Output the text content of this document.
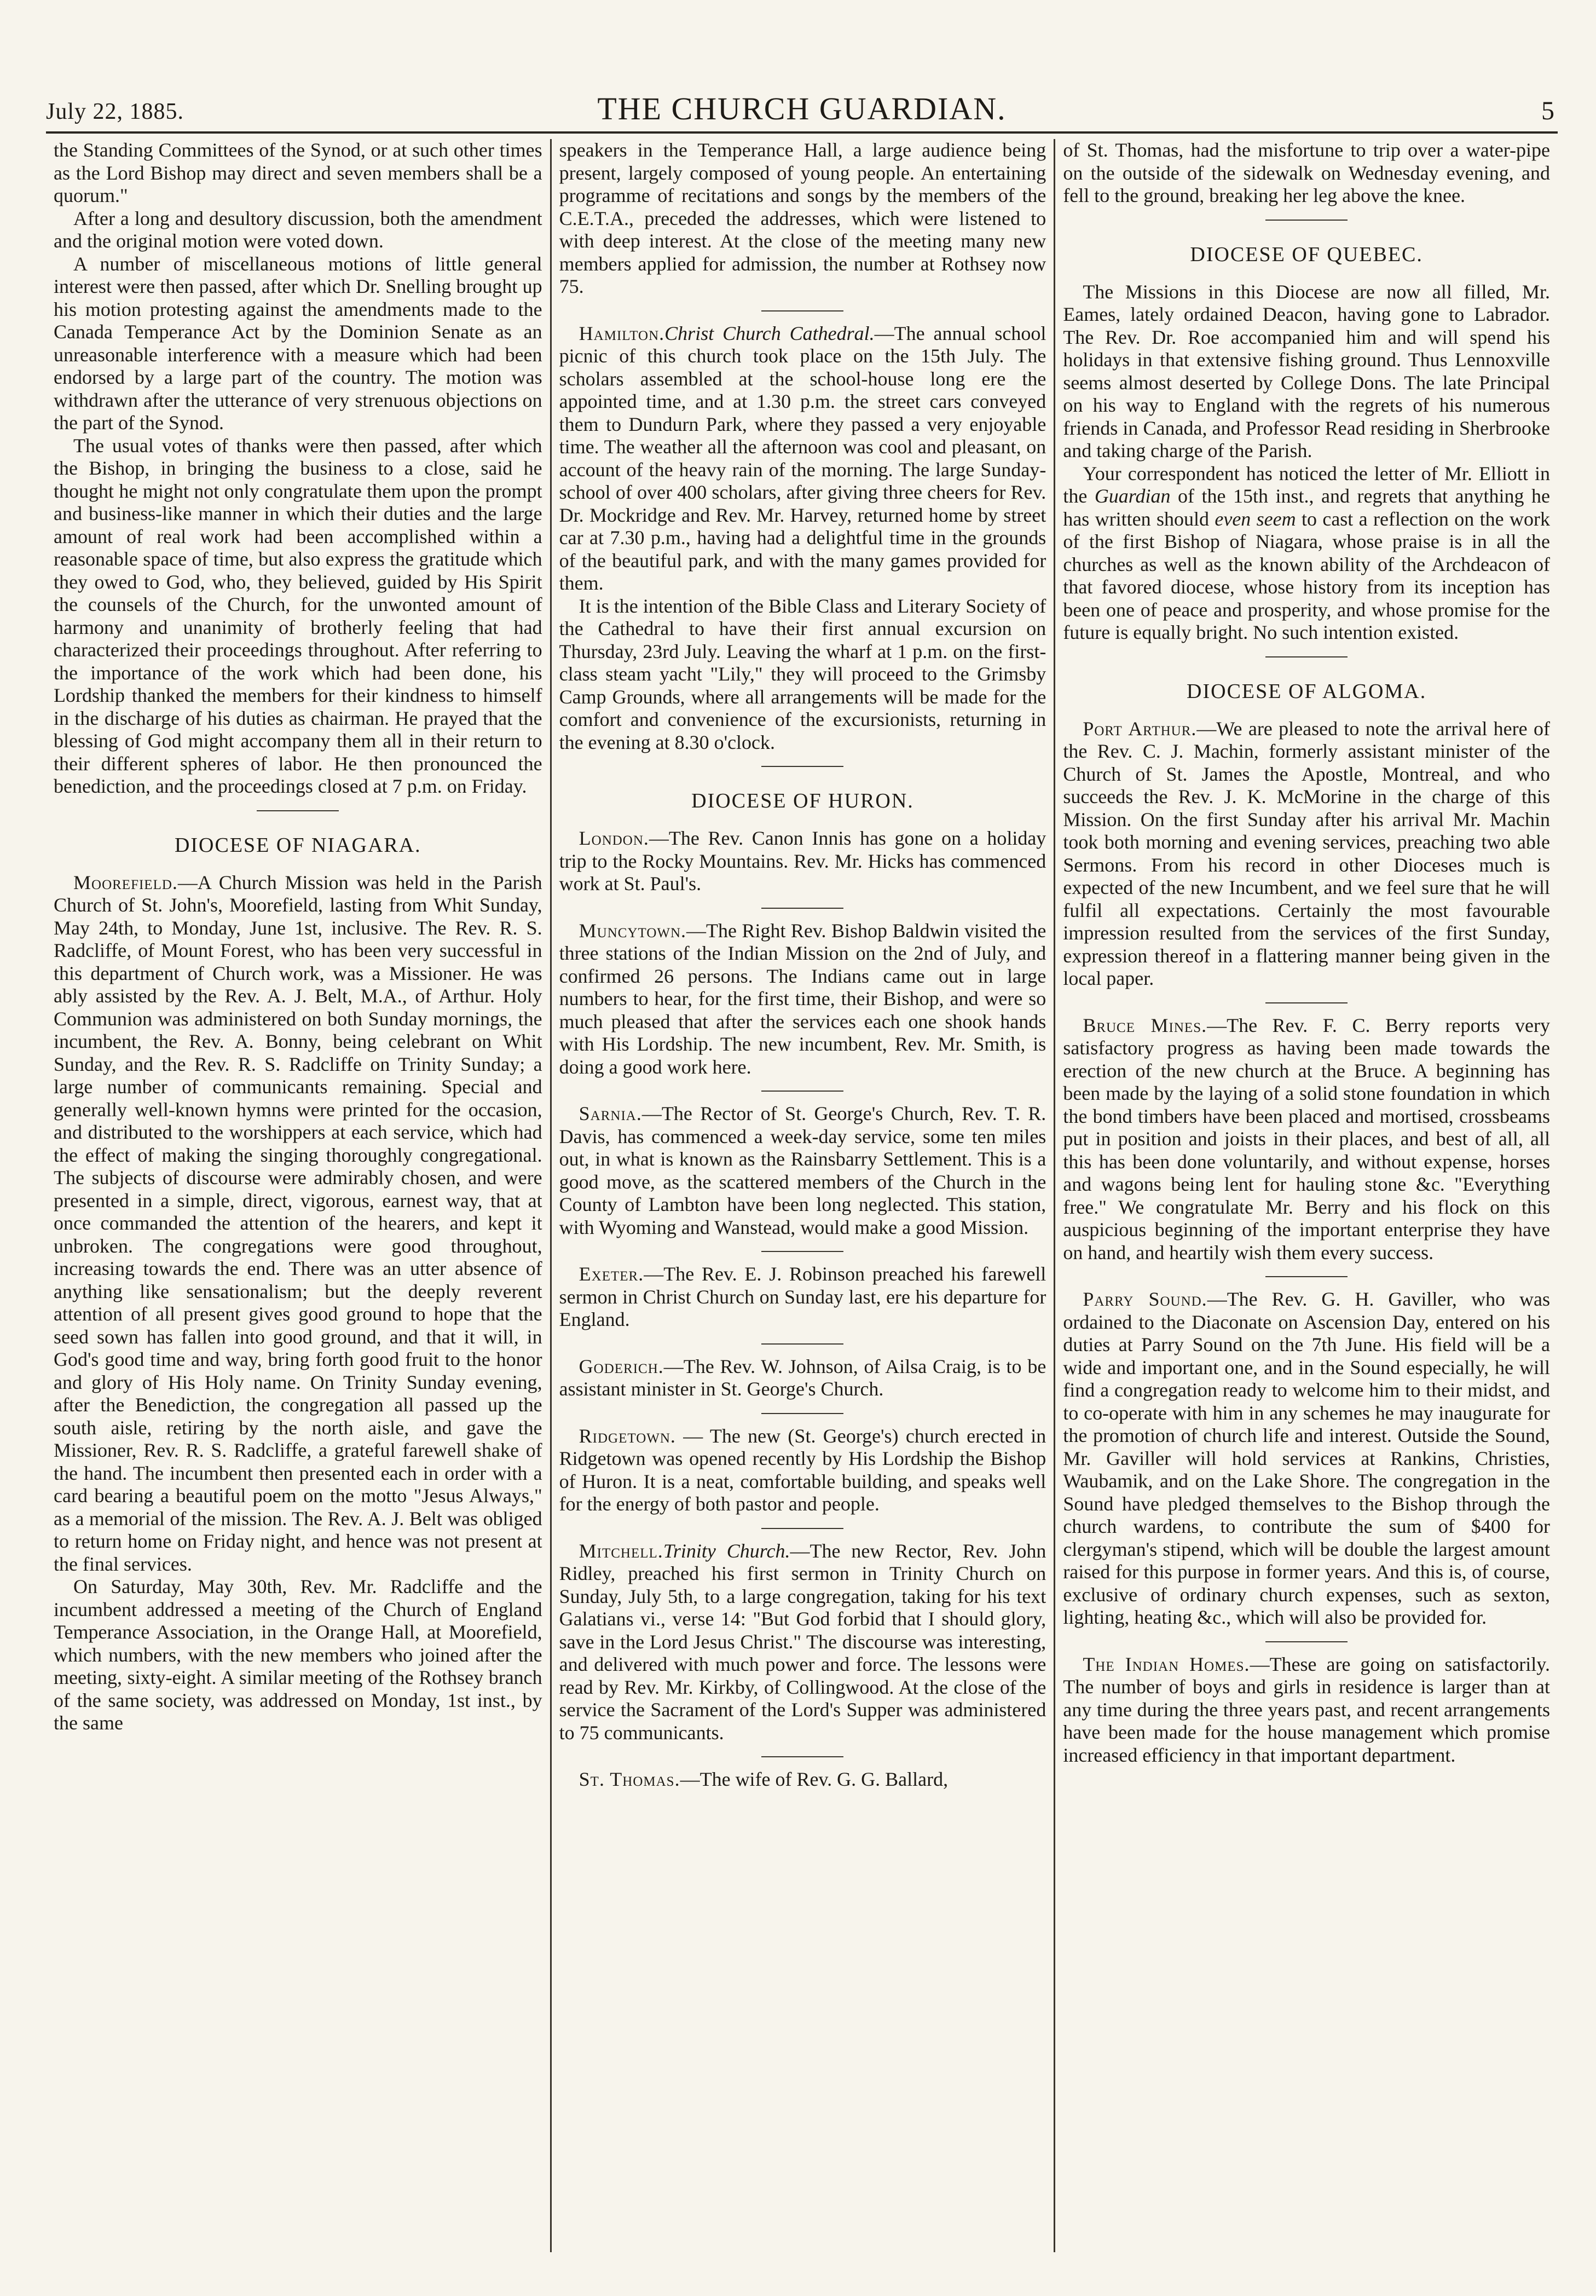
July 22, 1885.	THE CHURCH GUARDIAN.	5

the Standing Committees of the Synod, or at such other times as the Lord Bishop may direct and seven members shall be a quorum."

After a long and desultory discussion, both the amendment and the original motion were voted down.

A number of miscellaneous motions of little general interest were then passed, after which Dr. Snelling brought up his motion protesting against the amendments made to the Canada Temperance Act by the Dominion Senate as an unreasonable interference with a measure which had been endorsed by a large part of the country. The motion was withdrawn after the utterance of very strenuous objections on the part of the Synod.

The usual votes of thanks were then passed, after which the Bishop, in bringing the business to a close, said he thought he might not only congratulate them upon the prompt and business-like manner in which their duties and the large amount of real work had been accomplished within a reasonable space of time, but also express the gratitude which they owed to God, who, they believed, guided by His Spirit the counsels of the Church, for the unwonted amount of harmony and unanimity of brotherly feeling that had characterized their proceedings throughout. After referring to the importance of the work which had been done, his Lordship thanked the members for their kindness to himself in the discharge of his duties as chairman. He prayed that the blessing of God might accompany them all in their return to their different spheres of labor. He then pronounced the benediction, and the proceedings closed at 7 p.m. on Friday.

DIOCESE OF NIAGARA.

Moorefield.—A Church Mission was held in the Parish Church of St. John's, Moorefield, lasting from Whit Sunday, May 24th, to Monday, June 1st, inclusive. The Rev. R. S. Radcliffe, of Mount Forest, who has been very successful in this department of Church work, was a Missioner. He was ably assisted by the Rev. A. J. Belt, M.A., of Arthur. Holy Communion was administered on both Sunday mornings, the incumbent, the Rev. A. Bonny, being celebrant on Whit Sunday, and the Rev. R. S. Radcliffe on Trinity Sunday; a large number of communicants remaining. Special and generally well-known hymns were printed for the occasion, and distributed to the worshippers at each service, which had the effect of making the singing thoroughly congregational. The subjects of discourse were admirably chosen, and were presented in a simple, direct, vigorous, earnest way, that at once commanded the attention of the hearers, and kept it unbroken. The congregations were good throughout, increasing towards the end. There was an utter absence of anything like sensationalism; but the deeply reverent attention of all present gives good ground to hope that the seed sown has fallen into good ground, and that it will, in God's good time and way, bring forth good fruit to the honor and glory of His Holy name. On Trinity Sunday evening, after the Benediction, the congregation all passed up the south aisle, retiring by the north aisle, and gave the Missioner, Rev. R. S. Radcliffe, a grateful farewell shake of the hand. The incumbent then presented each in order with a card bearing a beautiful poem on the motto "Jesus Always," as a memorial of the mission. The Rev. A. J. Belt was obliged to return home on Friday night, and hence was not present at the final services.

On Saturday, May 30th, Rev. Mr. Radcliffe and the incumbent addressed a meeting of the Church of England Temperance Association, in the Orange Hall, at Moorefield, which numbers, with the new members who joined after the meeting, sixty-eight. A similar meeting of the Rothsey branch of the same society, was addressed on Monday, 1st inst., by the same

speakers in the Temperance Hall, a large audience being present, largely composed of young people. An entertaining programme of recitations and songs by the members of the C.E.T.A., preceded the addresses, which were listened to with deep interest. At the close of the meeting many new members applied for admission, the number at Rothsey now 75.

Hamilton.Christ Church Cathedral.—The annual school picnic of this church took place on the 15th July. The scholars assembled at the school-house long ere the appointed time, and at 1.30 p.m. the street cars conveyed them to Dundurn Park, where they passed a very enjoyable time. The weather all the afternoon was cool and pleasant, on account of the heavy rain of the morning. The large Sunday-school of over 400 scholars, after giving three cheers for Rev. Dr. Mockridge and Rev. Mr. Harvey, returned home by street car at 7.30 p.m., having had a delightful time in the grounds of the beautiful park, and with the many games provided for them.

It is the intention of the Bible Class and Literary Society of the Cathedral to have their first annual excursion on Thursday, 23rd July. Leaving the wharf at 1 p.m. on the first-class steam yacht "Lily," they will proceed to the Grimsby Camp Grounds, where all arrangements will be made for the comfort and convenience of the excursionists, returning in the evening at 8.30 o'clock.

DIOCESE OF HURON.

London.—The Rev. Canon Innis has gone on a holiday trip to the Rocky Mountains. Rev. Mr. Hicks has commenced work at St. Paul's.

Muncytown.—The Right Rev. Bishop Baldwin visited the three stations of the Indian Mission on the 2nd of July, and confirmed 26 persons. The Indians came out in large numbers to hear, for the first time, their Bishop, and were so much pleased that after the services each one shook hands with His Lordship. The new incumbent, Rev. Mr. Smith, is doing a good work here.

Sarnia.—The Rector of St. George's Church, Rev. T. R. Davis, has commenced a week-day service, some ten miles out, in what is known as the Rainsbarry Settlement. This is a good move, as the scattered members of the Church in the County of Lambton have been long neglected. This station, with Wyoming and Wanstead, would make a good Mission.

Exeter.—The Rev. E. J. Robinson preached his farewell sermon in Christ Church on Sunday last, ere his departure for England.

Goderich.—The Rev. W. Johnson, of Ailsa Craig, is to be assistant minister in St. George's Church.

Ridgetown. — The new (St. George's) church erected in Ridgetown was opened recently by His Lordship the Bishop of Huron. It is a neat, comfortable building, and speaks well for the energy of both pastor and people.

Mitchell.Trinity Church.—The new Rector, Rev. John Ridley, preached his first sermon in Trinity Church on Sunday, July 5th, to a large congregation, taking for his text Galatians vi., verse 14: "But God forbid that I should glory, save in the Lord Jesus Christ." The discourse was interesting, and delivered with much power and force. The lessons were read by Rev. Mr. Kirkby, of Collingwood. At the close of the service the Sacrament of the Lord's Supper was administered to 75 communicants.

St. Thomas.—The wife of Rev. G. G. Ballard,

of St. Thomas, had the misfortune to trip over a water-pipe on the outside of the sidewalk on Wednesday evening, and fell to the ground, breaking her leg above the knee.

DIOCESE OF QUEBEC.

The Missions in this Diocese are now all filled, Mr. Eames, lately ordained Deacon, having gone to Labrador. The Rev. Dr. Roe accompanied him and will spend his holidays in that extensive fishing ground. Thus Lennoxville seems almost deserted by College Dons. The late Principal on his way to England with the regrets of his numerous friends in Canada, and Professor Read residing in Sherbrooke and taking charge of the Parish.

Your correspondent has noticed the letter of Mr. Elliott in the Guardian of the 15th inst., and regrets that anything he has written should even seem to cast a reflection on the work of the first Bishop of Niagara, whose praise is in all the churches as well as the known ability of the Archdeacon of that favored diocese, whose history from its inception has been one of peace and prosperity, and whose promise for the future is equally bright. No such intention existed.

DIOCESE OF ALGOMA.

Port Arthur.—We are pleased to note the arrival here of the Rev. C. J. Machin, formerly assistant minister of the Church of St. James the Apostle, Montreal, and who succeeds the Rev. J. K. McMorine in the charge of this Mission. On the first Sunday after his arrival Mr. Machin took both morning and evening services, preaching two able Sermons. From his record in other Dioceses much is expected of the new Incumbent, and we feel sure that he will fulfil all expectations. Certainly the most favourable impression resulted from the services of the first Sunday, expression thereof in a flattering manner being given in the local paper.

Bruce Mines.—The Rev. F. C. Berry reports very satisfactory progress as having been made towards the erection of the new church at the Bruce. A beginning has been made by the laying of a solid stone foundation in which the bond timbers have been placed and mortised, crossbeams put in position and joists in their places, and best of all, all this has been done voluntarily, and without expense, horses and wagons being lent for hauling stone &c. "Everything free." We congratulate Mr. Berry and his flock on this auspicious beginning of the important enterprise they have on hand, and heartily wish them every success.

Parry Sound.—The Rev. G. H. Gaviller, who was ordained to the Diaconate on Ascension Day, entered on his duties at Parry Sound on the 7th June. His field will be a wide and important one, and in the Sound especially, he will find a congregation ready to welcome him to their midst, and to co-operate with him in any schemes he may inaugurate for the promotion of church life and interest. Outside the Sound, Mr. Gaviller will hold services at Rankins, Christies, Waubamik, and on the Lake Shore. The congregation in the Sound have pledged themselves to the Bishop through the church wardens, to contribute the sum of $400 for clergyman's stipend, which will be double the largest amount raised for this purpose in former years. And this is, of course, exclusive of ordinary church expenses, such as sexton, lighting, heating &c., which will also be provided for.

The Indian Homes.—These are going on satisfactorily. The number of boys and girls in residence is larger than at any time during the three years past, and recent arrangements have been made for the house management which promise increased efficiency in that important department.
